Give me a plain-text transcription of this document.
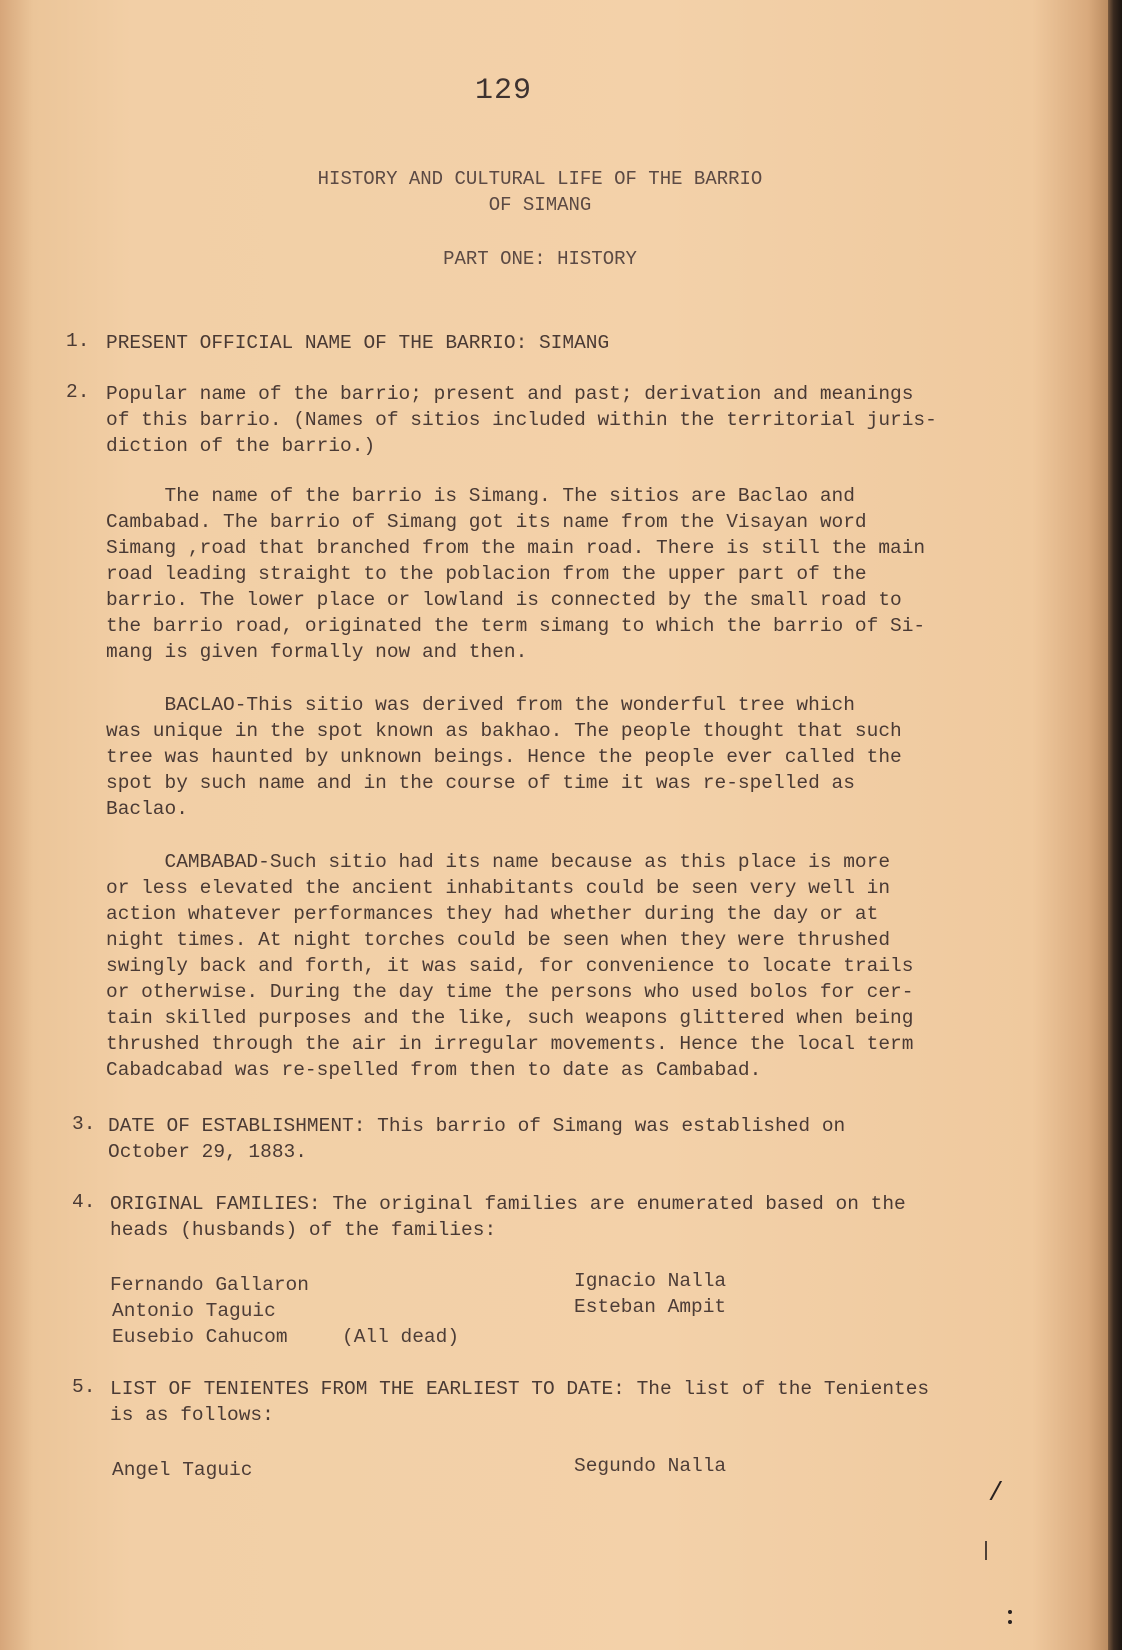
129
HISTORY AND CULTURAL LIFE OF THE BARRIO
OF SIMANG
PART ONE: HISTORY
1. PRESENT OFFICIAL NAME OF THE BARRIO: SIMANG
2. Popular name of the barrio; present and past; derivation and meanings
of this barrio. (Names of sitios included within the territorial juris-
diction of the barrio.)
The name of the barrio is Simang. The sitios are Baclao and
Cambabad. The barrio of Simang got its name from the Visayan word
Simang ,road that branched from the main road. There is still the main
road leading straight to the poblacion from the upper part of the
barrio. The lower place or lowland is connected by the small road to
the barrio road, originated the term simang to which the barrio of Si-
mang is given formally now and then.
BACLAO-This sitio was derived from the wonderful tree which
was unique in the spot known as bakhao. The people thought that such
tree was haunted by unknown beings. Hence the people ever called the
spot by such name and in the course of time it was re-spelled as
Baclao.
CAMBABAD-Such sitio had its name because as this place is more
or less elevated the ancient inhabitants could be seen very well in
action whatever performances they had whether during the day or at
night times. At night torches could be seen when they were thrushed
swingly back and forth, it was said, for convenience to locate trails
or otherwise. During the day time the persons who used bolos for cer-
tain skilled purposes and the like, such weapons glittered when being
thrushed through the air in irregular movements. Hence the local term
Cabadcabad was re-spelled from then to date as Cambabad.
3. DATE OF ESTABLISHMENT: This barrio of Simang was established on
October 29, 1883.
4. ORIGINAL FAMILIES: The original families are enumerated based on the
heads (husbands) of the families:
Fernando Gallaron
Antonio Taguic
Eusebio Cahucom	(All dead)
Ignacio Nalla
Esteban Ampit
5. LIST OF TENIENTES FROM THE EARLIEST TO DATE: The list of the Tenientes
is as follows:
Angel Taguic	Segundo Nalla
/
|
